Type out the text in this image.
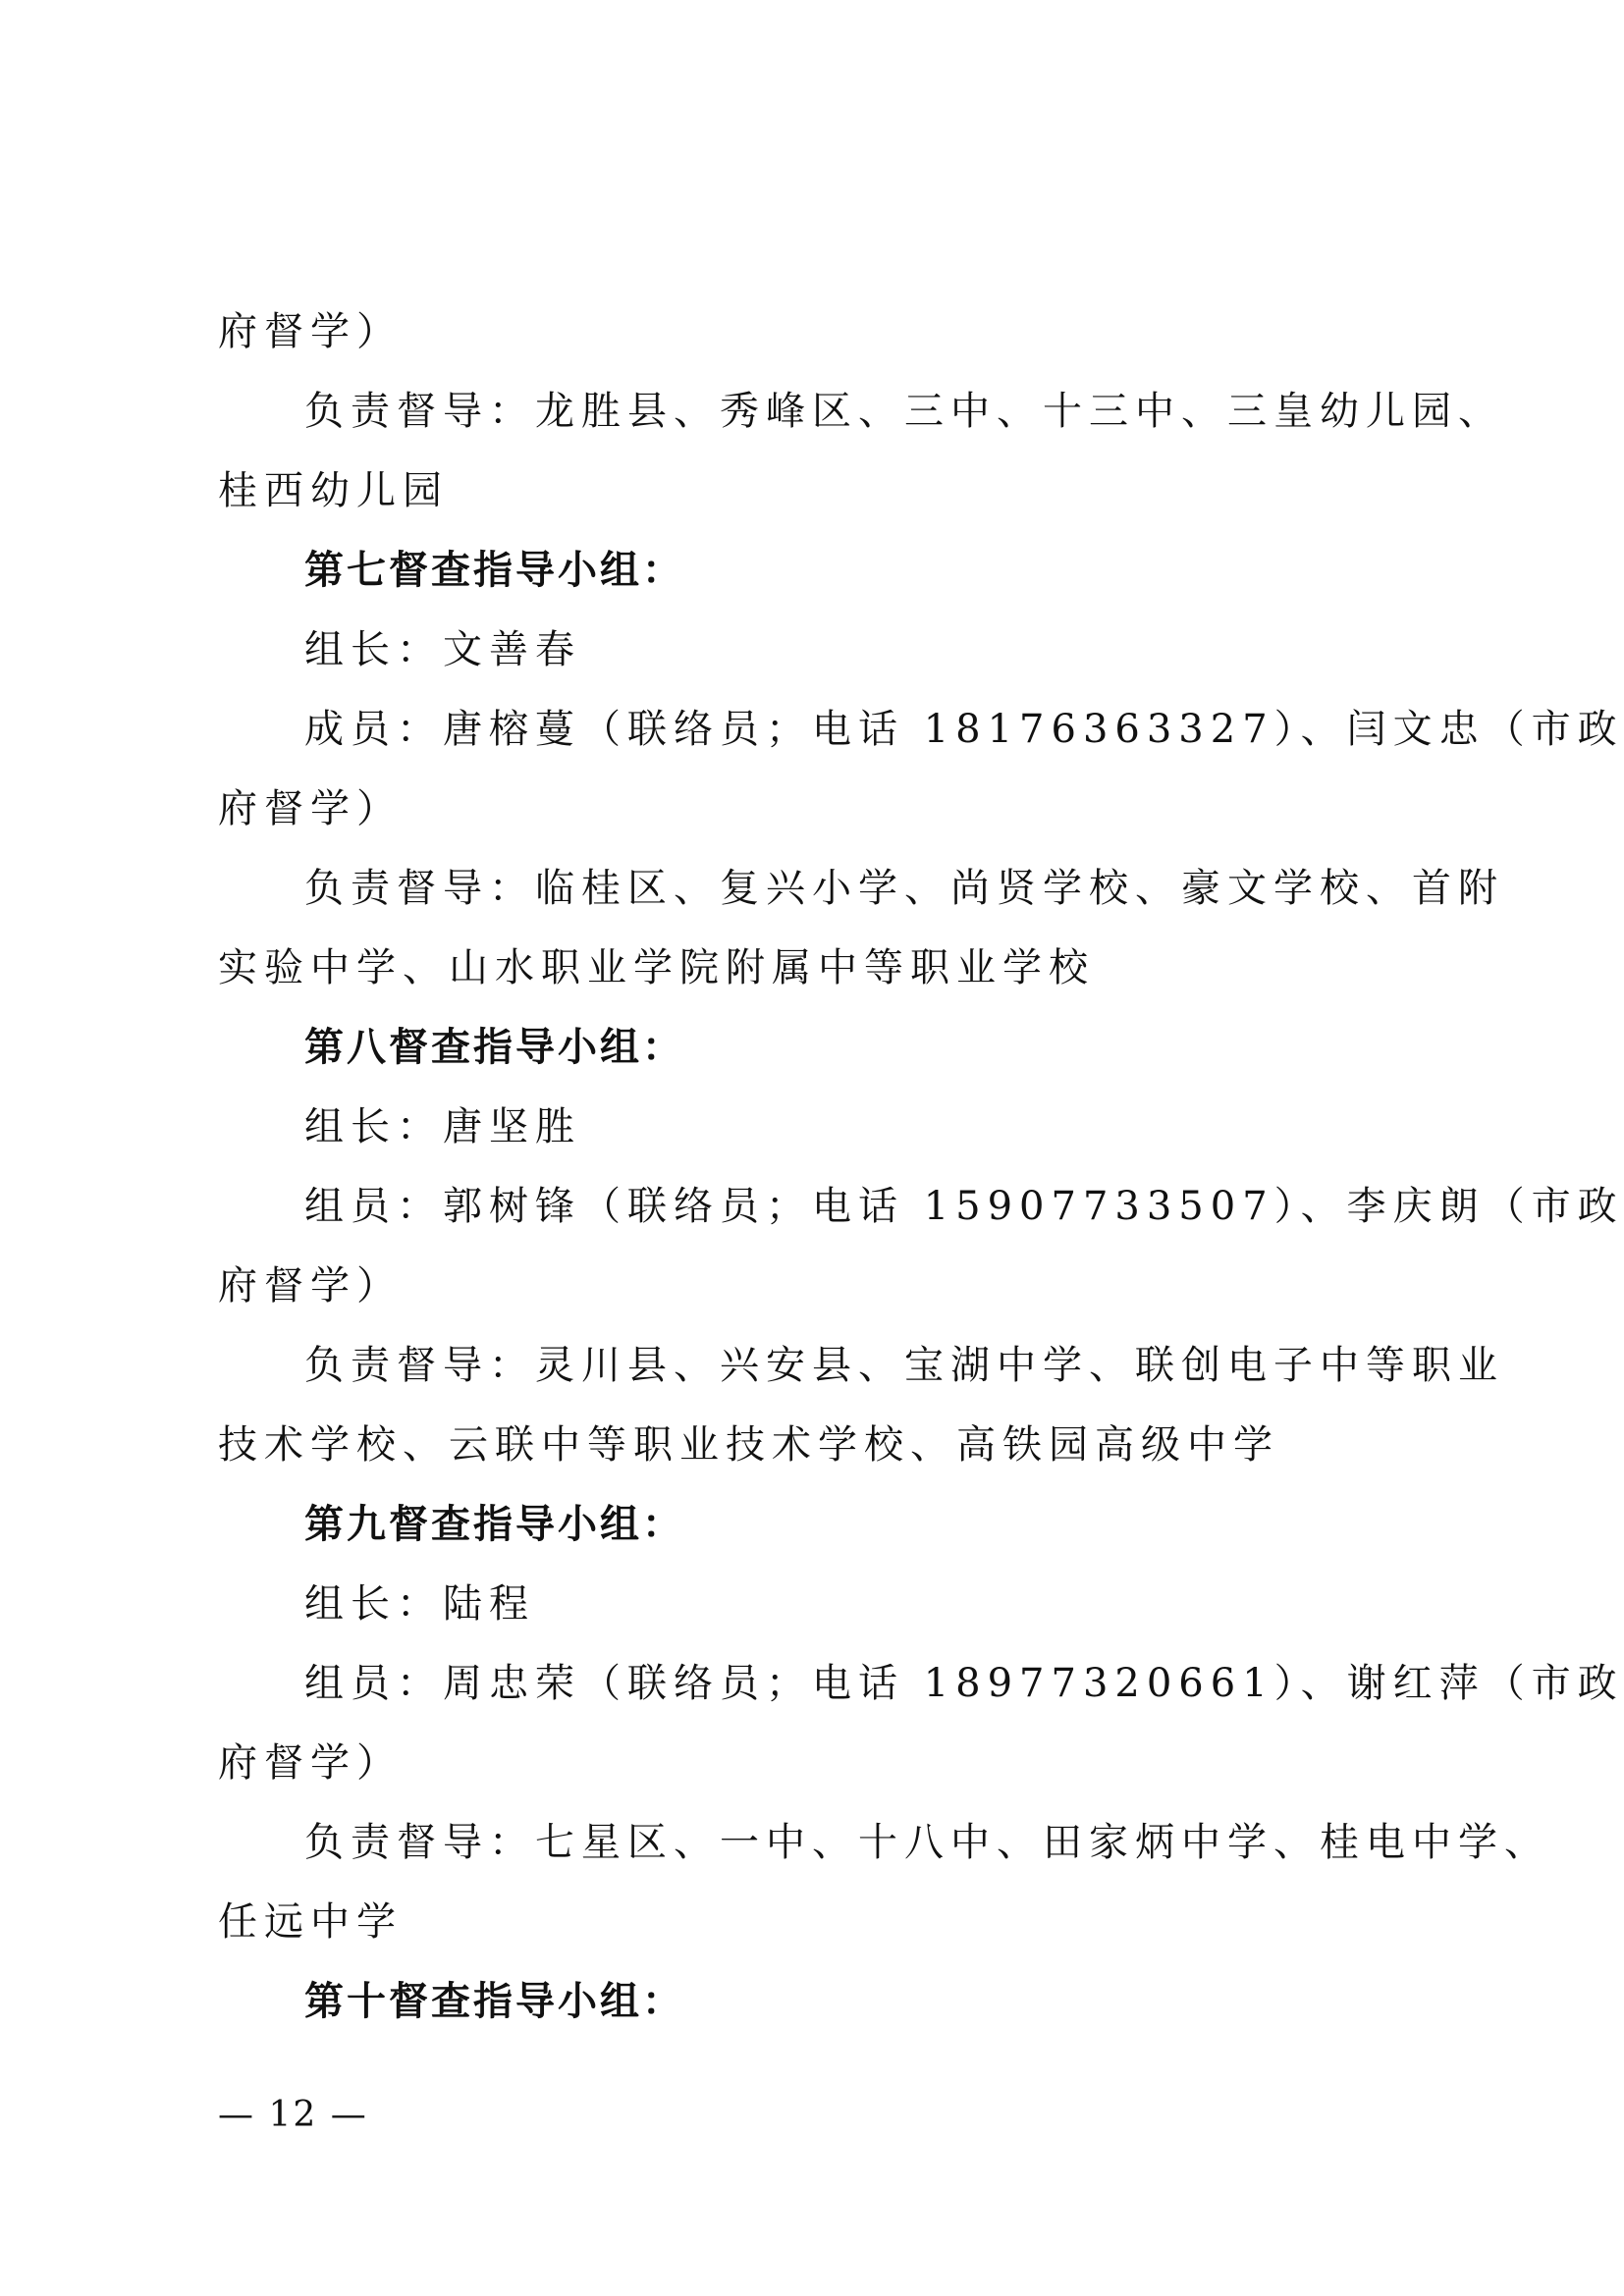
府督学）
负责督导：龙胜县、秀峰区、三中、十三中、三皇幼儿园、
桂西幼儿园
第七督查指导小组：
组长：文善春
成员：唐榕蔓（联络员；电话 18176363327）、闫文忠（市政
府督学）
负责督导：临桂区、复兴小学、尚贤学校、豪文学校、首附
实验中学、山水职业学院附属中等职业学校
第八督查指导小组：
组长：唐坚胜
组员：郭树锋（联络员；电话 15907733507）、李庆朗（市政
府督学）
负责督导：灵川县、兴安县、宝湖中学、联创电子中等职业
技术学校、云联中等职业技术学校、高铁园高级中学
第九督查指导小组：
组长：陆程
组员：周忠荣（联络员；电话 18977320661）、谢红萍（市政
府督学）
负责督导：七星区、一中、十八中、田家炳中学、桂电中学、
任远中学
第十督查指导小组：
— 12 —
